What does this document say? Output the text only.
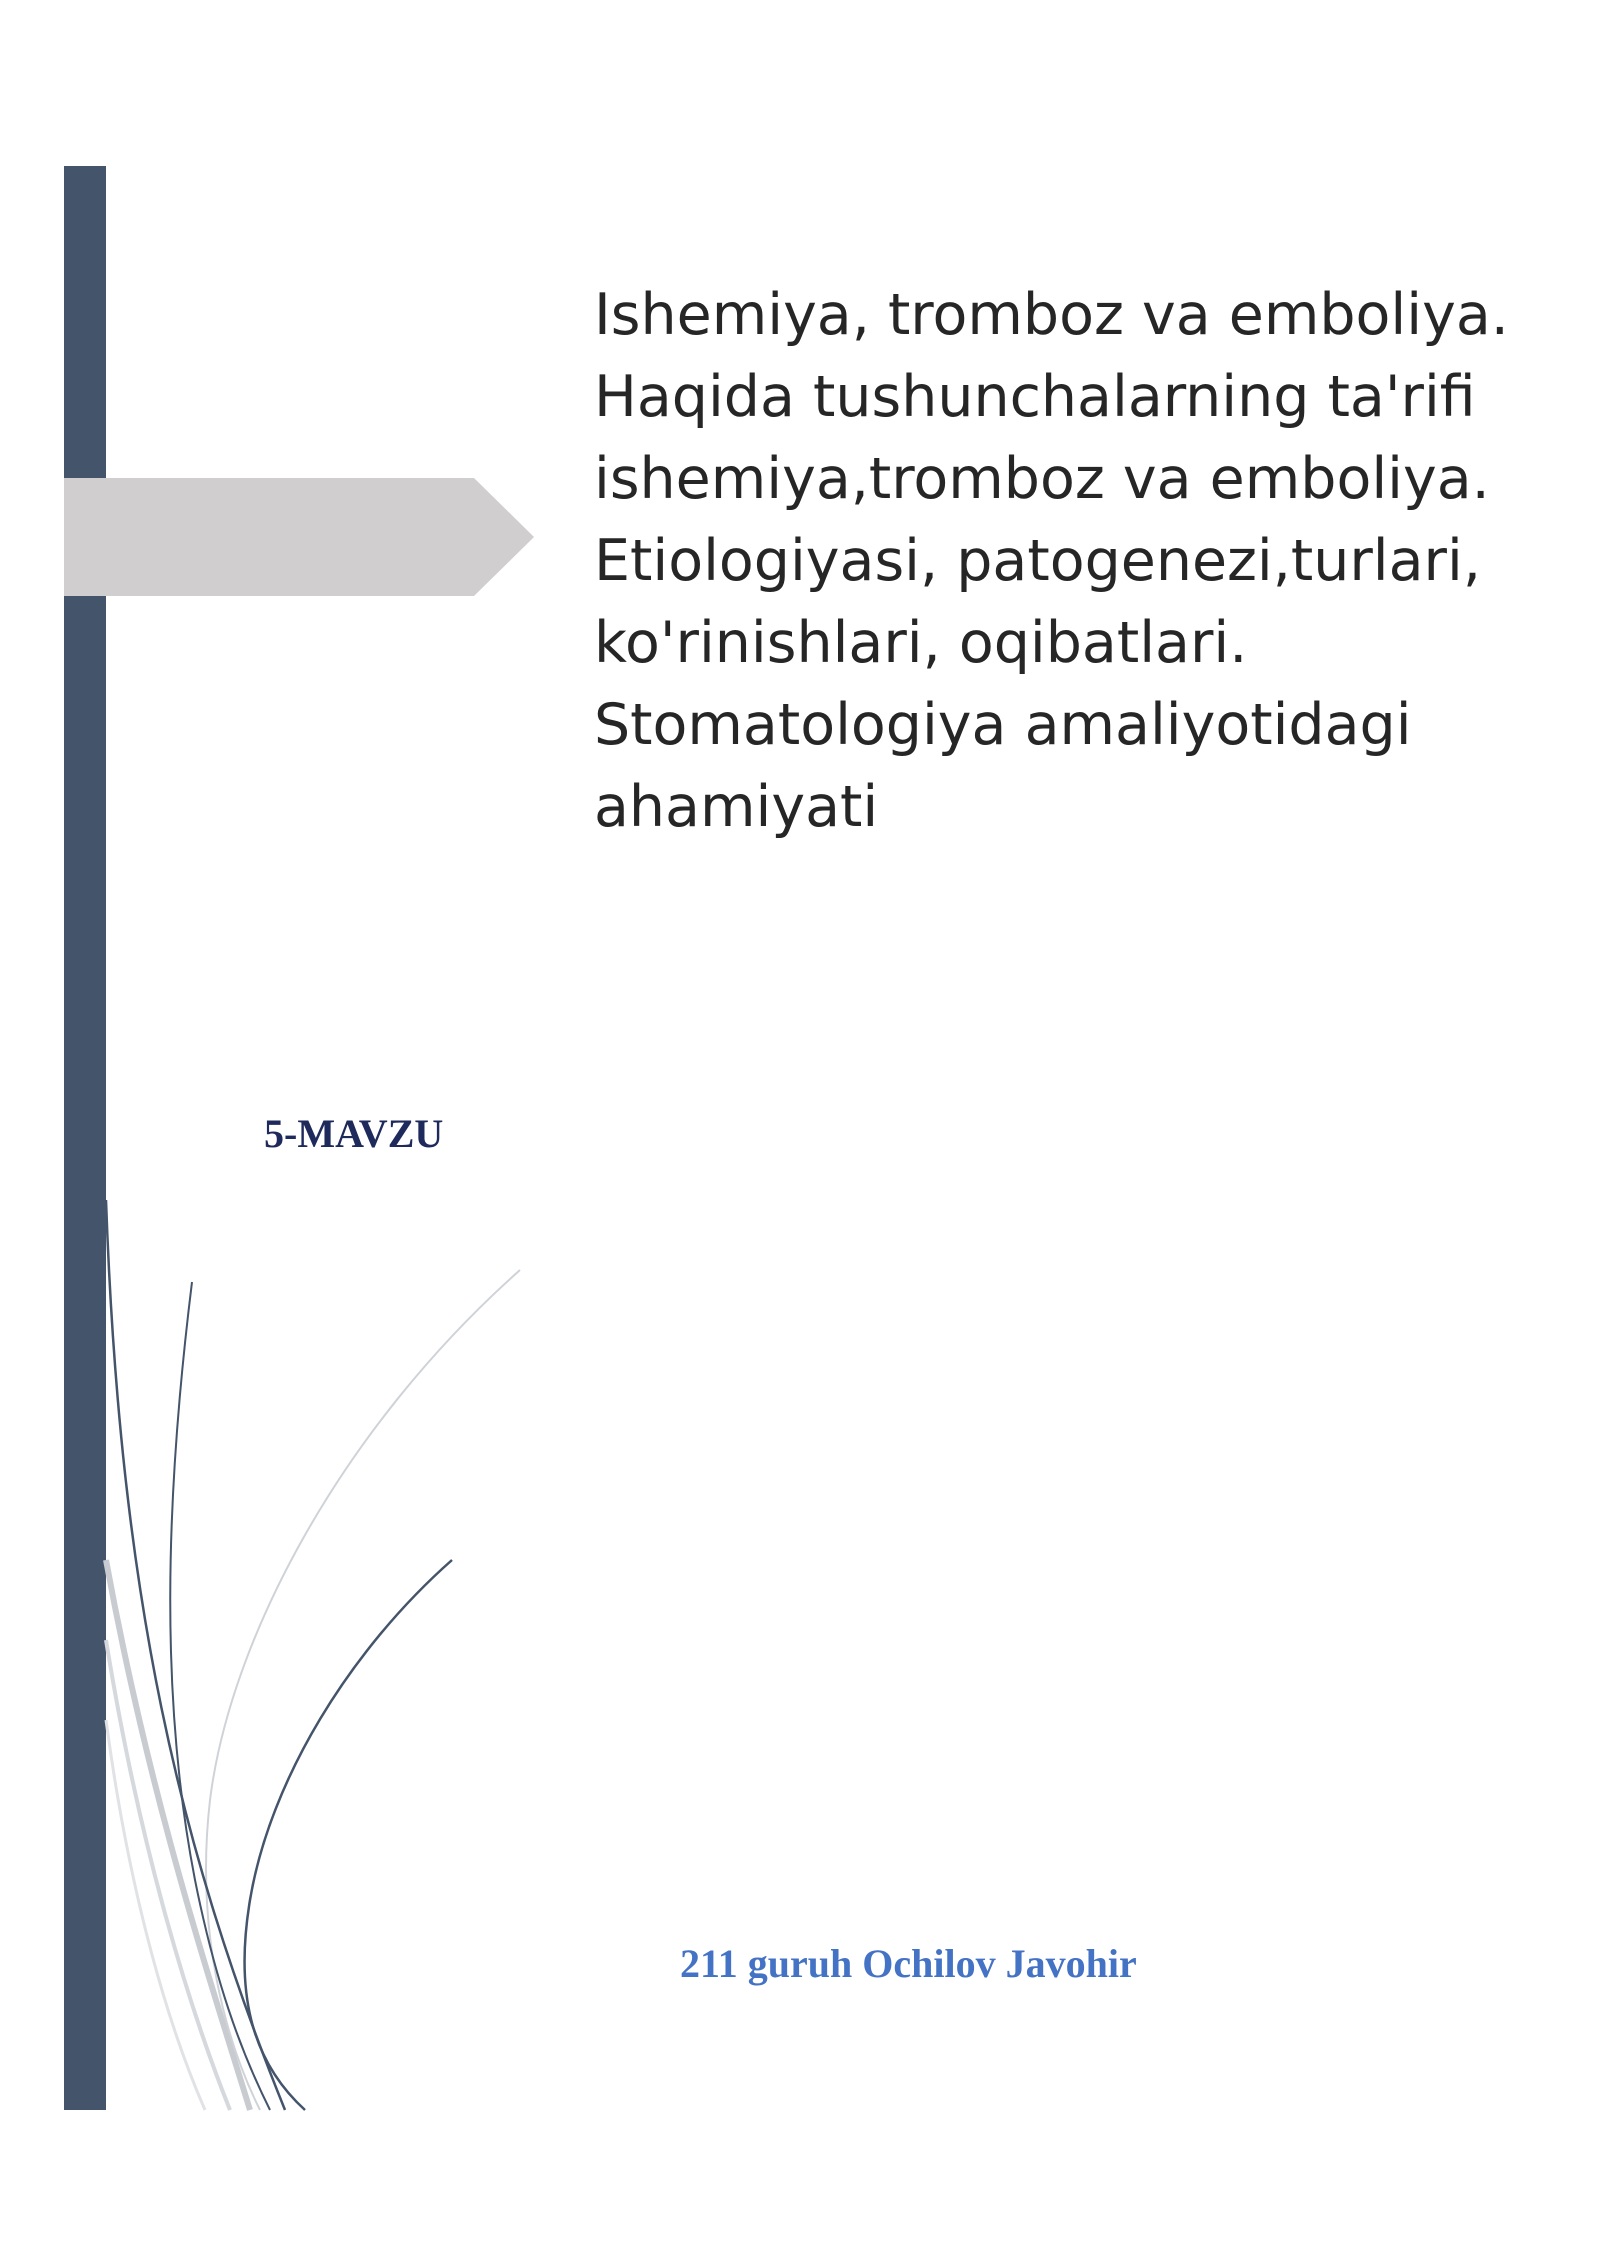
Ishemiya, tromboz va emboliya.
Haqida tushunchalarning ta'rifi
ishemiya,tromboz va emboliya.
Etiologiyasi, patogenezi,turlari,
ko'rinishlari, oqibatlari.
Stomatologiya amaliyotidagi
ahamiyati

5-MAVZU
211 guruh Ochilov Javohir
